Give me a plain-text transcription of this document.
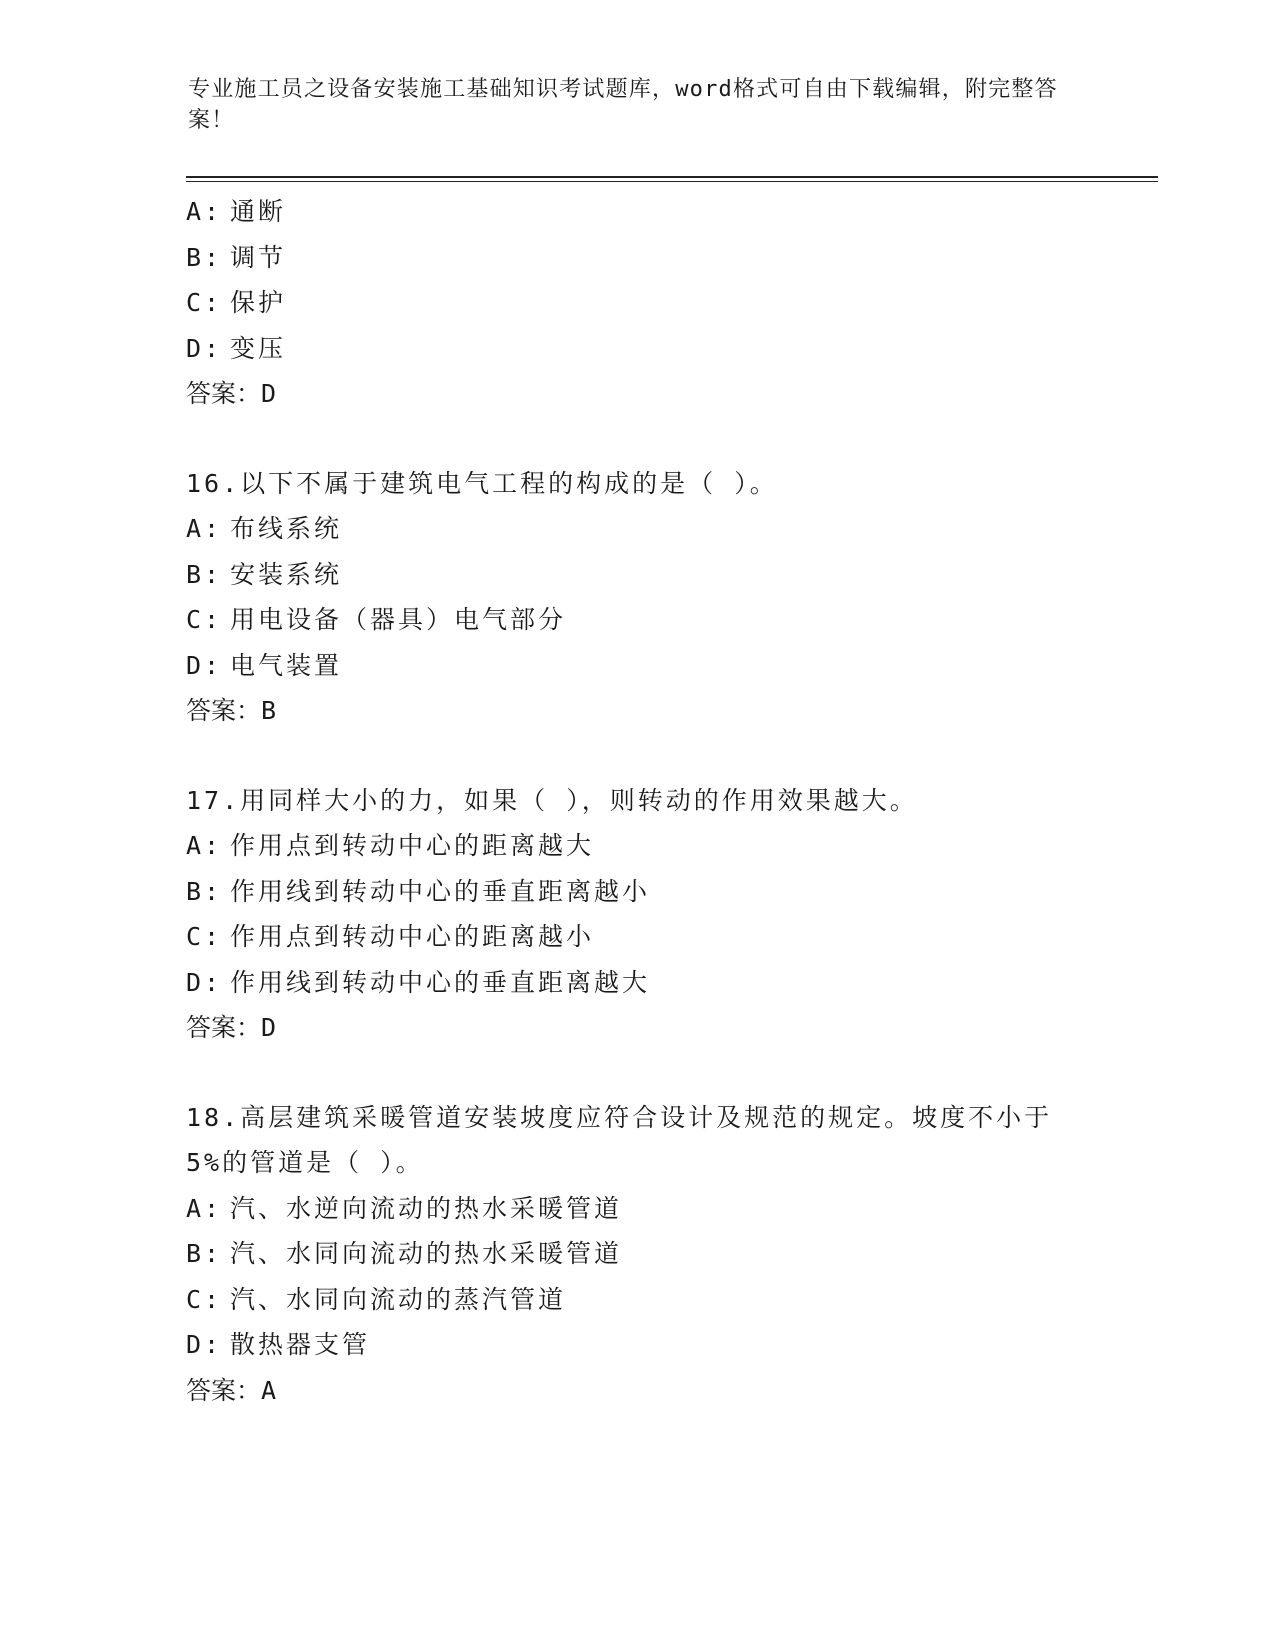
专业施工员之设备安装施工基础知识考试题库，word格式可自由下载编辑，附完整答案！
A: 通断
B: 调节
C: 保护
D: 变压
答案：D
16.以下不属于建筑电气工程的构成的是（ ）。
A: 布线系统
B: 安装系统
C: 用电设备（器具）电气部分
D: 电气装置
答案：B
17.用同样大小的力，如果（ ），则转动的作用效果越大。
A: 作用点到转动中心的距离越大
B: 作用线到转动中心的垂直距离越小
C: 作用点到转动中心的距离越小
D: 作用线到转动中心的垂直距离越大
答案：D
18.高层建筑采暖管道安装坡度应符合设计及规范的规定。坡度不小于
5%的管道是（ ）。
A: 汽、水逆向流动的热水采暖管道
B: 汽、水同向流动的热水采暖管道
C: 汽、水同向流动的蒸汽管道
D: 散热器支管
答案：A
